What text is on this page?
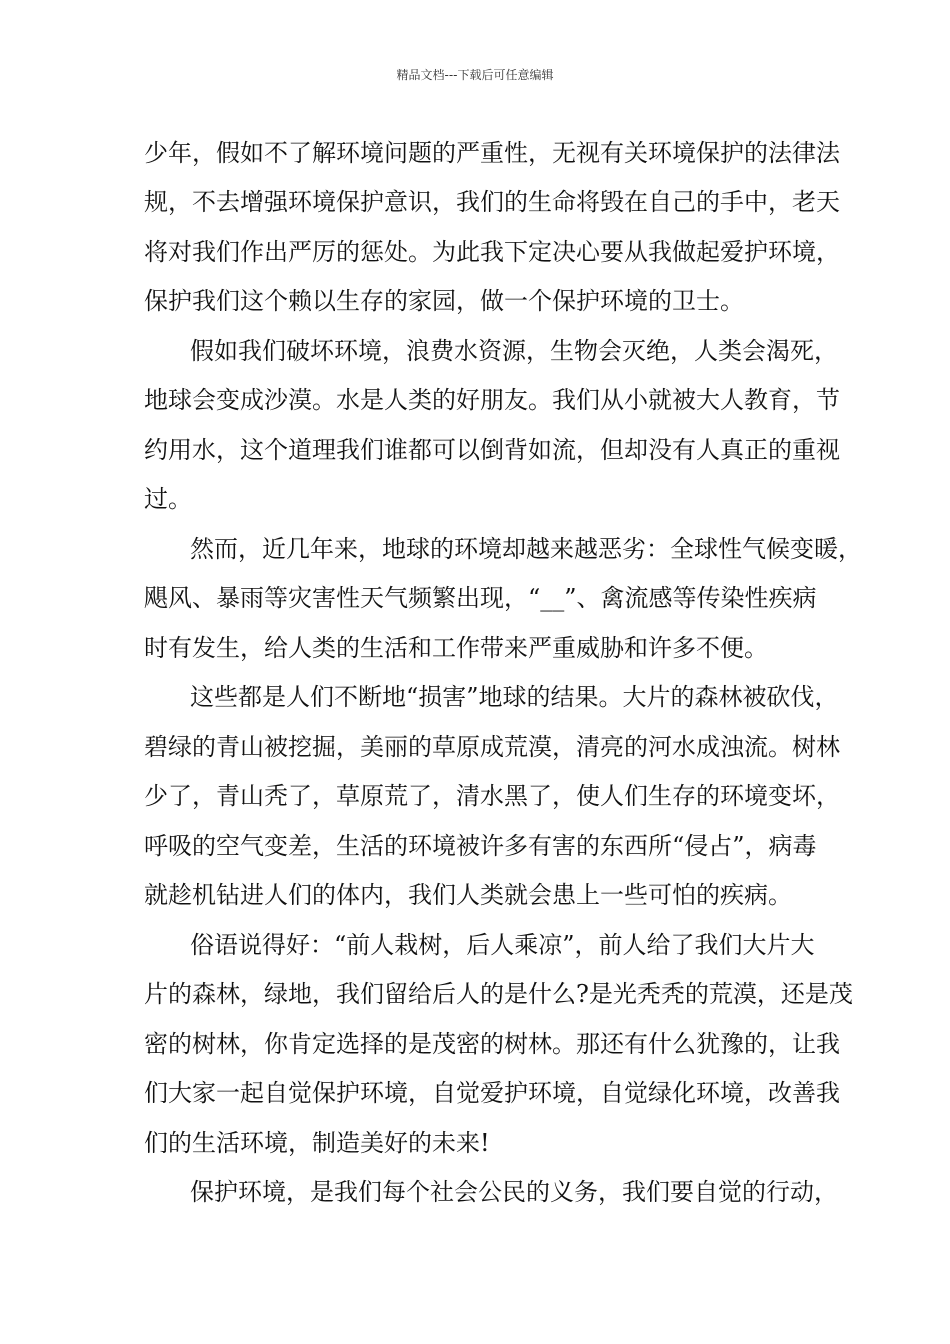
精品文档---下载后可任意编辑
少年，假如不了解环境问题的严重性，无视有关环境保护的法律法
规，不去增强环境保护意识，我们的生命将毁在自己的手中，老天
将对我们作出严厉的惩处。为此我下定决心要从我做起爱护环境，
保护我们这个赖以生存的家园，做一个保护环境的卫士。
假如我们破坏环境，浪费水资源，生物会灭绝，人类会渴死，
地球会变成沙漠。水是人类的好朋友。我们从小就被大人教育，节
约用水，这个道理我们谁都可以倒背如流，但却没有人真正的重视
过。
然而，近几年来，地球的环境却越来越恶劣：全球性气候变暖，
飓风、暴雨等灾害性天气频繁出现，“__”、禽流感等传染性疾病
时有发生，给人类的生活和工作带来严重威胁和许多不便。
这些都是人们不断地“损害”地球的结果。大片的森林被砍伐，
碧绿的青山被挖掘，美丽的草原成荒漠，清亮的河水成浊流。树林
少了，青山秃了，草原荒了，清水黑了，使人们生存的环境变坏，
呼吸的空气变差，生活的环境被许多有害的东西所“侵占”，病毒
就趁机钻进人们的体内，我们人类就会患上一些可怕的疾病。
俗语说得好：“前人栽树，后人乘凉”，前人给了我们大片大
片的森林，绿地，我们留给后人的是什么?是光秃秃的荒漠，还是茂
密的树林，你肯定选择的是茂密的树林。那还有什么犹豫的，让我
们大家一起自觉保护环境，自觉爱护环境，自觉绿化环境，改善我
们的生活环境，制造美好的未来!
保护环境，是我们每个社会公民的义务，我们要自觉的行动，
